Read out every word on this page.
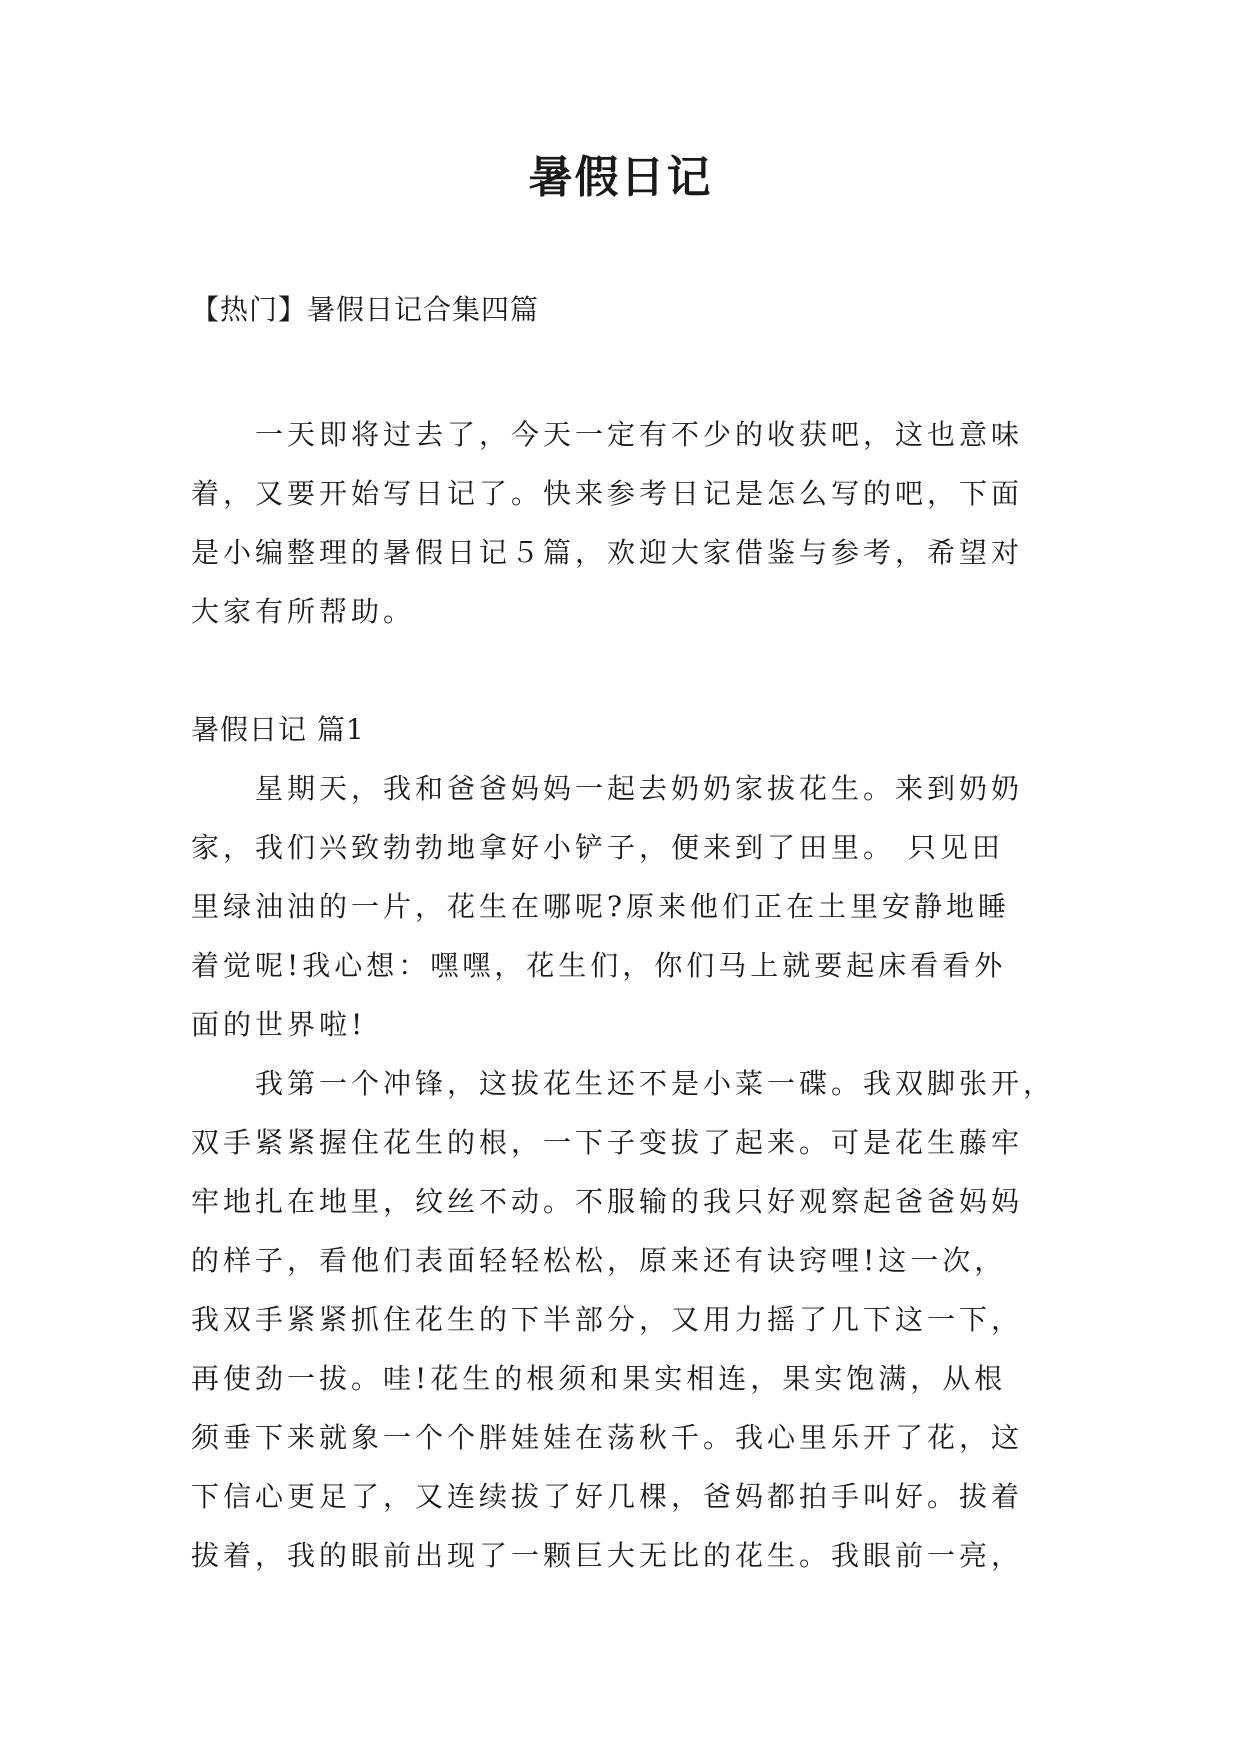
暑假日记
【热门】暑假日记合集四篇
一天即将过去了，今天一定有不少的收获吧，这也意味
着，又要开始写日记了。快来参考日记是怎么写的吧，下面
是小编整理的暑假日记５篇，欢迎大家借鉴与参考，希望对
大家有所帮助。
暑假日记 篇1
星期天，我和爸爸妈妈一起去奶奶家拔花生。来到奶奶
家，我们兴致勃勃地拿好小铲子，便来到了田里。 只见田
里绿油油的一片，花生在哪呢?原来他们正在土里安静地睡
着觉呢!我心想：嘿嘿，花生们，你们马上就要起床看看外
面的世界啦!
我第一个冲锋，这拔花生还不是小菜一碟。我双脚张开，
双手紧紧握住花生的根，一下子变拔了起来。可是花生藤牢
牢地扎在地里，纹丝不动。不服输的我只好观察起爸爸妈妈
的样子，看他们表面轻轻松松，原来还有诀窍哩!这一次，
我双手紧紧抓住花生的下半部分，又用力摇了几下这一下，
再使劲一拔。哇!花生的根须和果实相连，果实饱满，从根
须垂下来就象一个个胖娃娃在荡秋千。我心里乐开了花，这
下信心更足了，又连续拔了好几棵，爸妈都拍手叫好。拔着
拔着，我的眼前出现了一颗巨大无比的花生。我眼前一亮，
